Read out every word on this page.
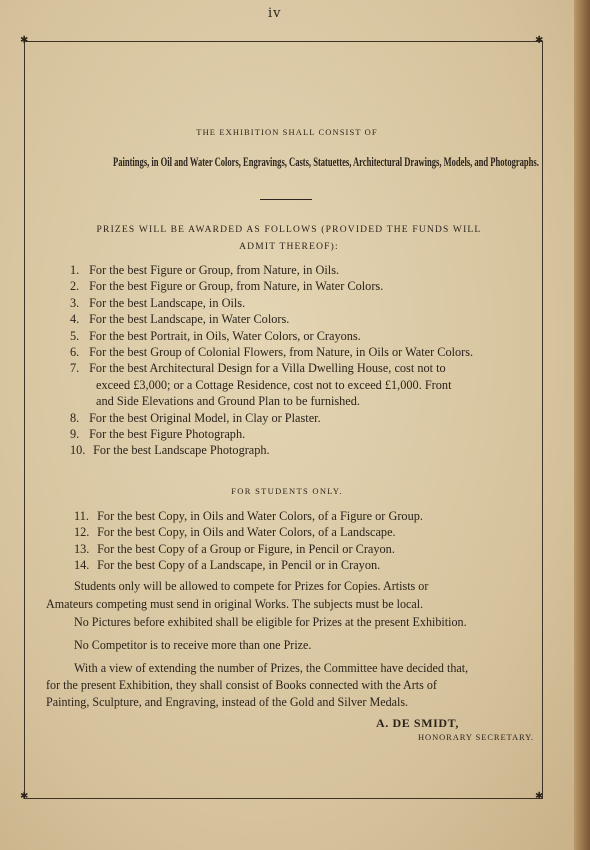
iv
✱	✱
✱	✱
THE EXHIBITION SHALL CONSIST OF
Paintings, in Oil and Water Colors, Engravings, Casts, Statuettes, Architectural Drawings, Models, and Photographs.
PRIZES WILL BE AWARDED AS FOLLOWS (PROVIDED THE FUNDS WILL
ADMIT THEREOF):
1. For the best Figure or Group, from Nature, in Oils.
2. For the best Figure or Group, from Nature, in Water Colors.
3. For the best Landscape, in Oils.
4. For the best Landscape, in Water Colors.
5. For the best Portrait, in Oils, Water Colors, or Crayons.
6. For the best Group of Colonial Flowers, from Nature, in Oils or Water Colors.
7. For the best Architectural Design for a Villa Dwelling House, cost not to
exceed £3,000; or a Cottage Residence, cost not to exceed £1,000. Front
and Side Elevations and Ground Plan to be furnished.
8. For the best Original Model, in Clay or Plaster.
9. For the best Figure Photograph.
10. For the best Landscape Photograph.
FOR STUDENTS ONLY.
11. For the best Copy, in Oils and Water Colors, of a Figure or Group.
12. For the best Copy, in Oils and Water Colors, of a Landscape.
13. For the best Copy of a Group or Figure, in Pencil or Crayon.
14. For the best Copy of a Landscape, in Pencil or in Crayon.
Students only will be allowed to compete for Prizes for Copies. Artists or
Amateurs competing must send in original Works. The subjects must be local.
No Pictures before exhibited shall be eligible for Prizes at the present Exhibition.
No Competitor is to receive more than one Prize.
With a view of extending the number of Prizes, the Committee have decided that,
for the present Exhibition, they shall consist of Books connected with the Arts of
Painting, Sculpture, and Engraving, instead of the Gold and Silver Medals.
A. DE SMIDT,
HONORARY SECRETARY.
